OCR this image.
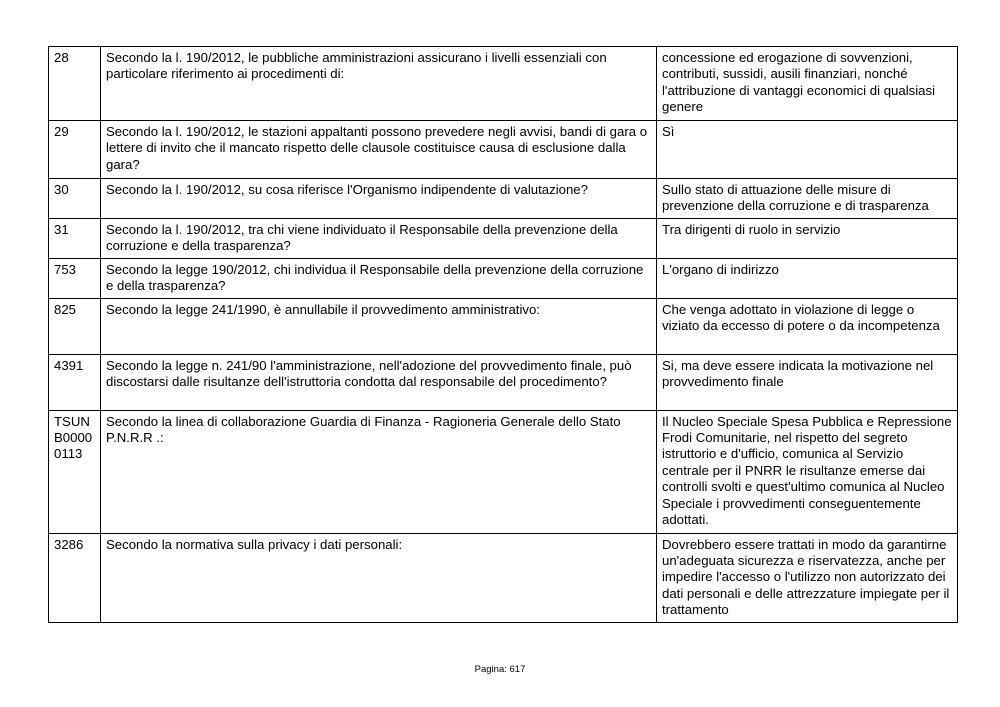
28	Secondo la l. 190/2012, le pubbliche amministrazioni assicurano i livelli essenziali con particolare riferimento ai procedimenti di:	concessione ed erogazione di sovvenzioni, contributi, sussidi, ausili finanziari, nonché l'attribuzione di vantaggi economici di qualsiasi genere
29	Secondo la l. 190/2012, le stazioni appaltanti possono prevedere negli avvisi, bandi di gara o lettere di invito che il mancato rispetto delle clausole costituisce causa di esclusione dalla gara?	Sì
30	Secondo la l. 190/2012, su cosa riferisce l'Organismo indipendente di valutazione?	Sullo stato di attuazione delle misure di prevenzione della corruzione e di trasparenza
31	Secondo la l. 190/2012, tra chi viene individuato il Responsabile della prevenzione della corruzione e della trasparenza?	Tra dirigenti di ruolo in servizio
753	Secondo la legge 190/2012, chi individua il Responsabile della prevenzione della corruzione e della trasparenza?	L'organo di indirizzo
825	Secondo la legge 241/1990, è annullabile il provvedimento amministrativo:	Che venga adottato in violazione di legge o viziato da eccesso di potere o da incompetenza
4391	Secondo la legge n. 241/90 l'amministrazione, nell'adozione del provvedimento finale, può discostarsi dalle risultanze dell'istruttoria condotta dal responsabile del procedimento?	Si, ma deve essere indicata la motivazione nel provvedimento finale
TSUNB00000113	Secondo la linea di collaborazione Guardia di Finanza - Ragioneria Generale dello Stato P.N.R.R .:	Il Nucleo Speciale Spesa Pubblica e Repressione Frodi Comunitarie, nel rispetto del segreto istruttorio e d'ufficio, comunica al Servizio centrale per il PNRR le risultanze emerse dai controlli svolti e quest'ultimo comunica al Nucleo Speciale i provvedimenti conseguentemente adottati.
3286	Secondo la normativa sulla privacy i dati personali:	Dovrebbero essere trattati in modo da garantirne un'adeguata sicurezza e riservatezza, anche per impedire l'accesso o l'utilizzo non autorizzato dei dati personali e delle attrezzature impiegate per il trattamento
Pagina: 617
